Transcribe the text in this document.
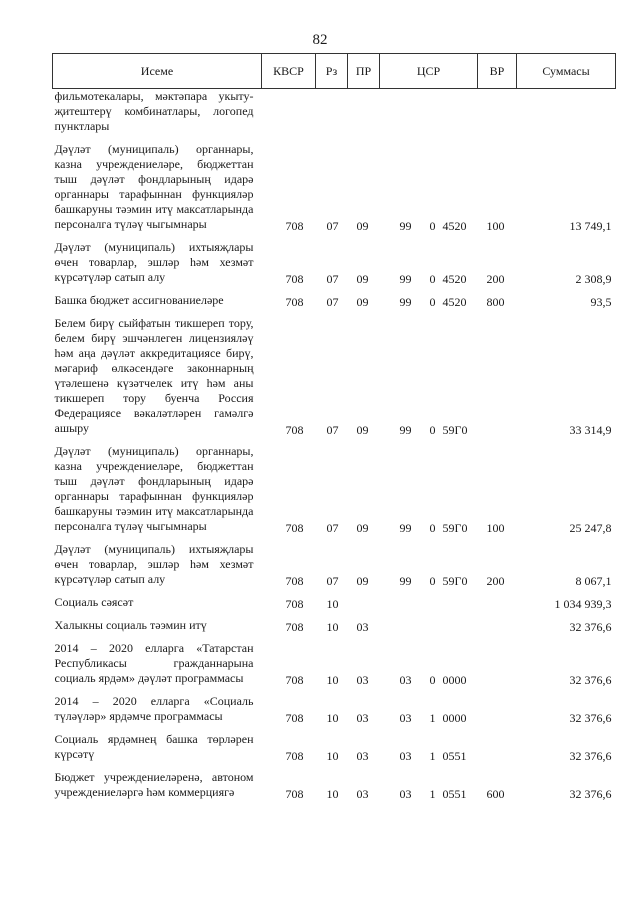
82
Исеме	КВСР	Рз	ПР	ЦСР			ВР	Суммасы
фильмотекалары, мәктәпара укыту-җитештерү комбинатлары, логопед пунктлары								
Дәүләт (муниципаль) органнары, казна учреждениеләре, бюджеттан тыш дәүләт фондларының идарә органнары тарафыннан функцияләр башкаруны тәэмин итү максатларында персоналга түләү чыгымнары	708	07	09	99	0	4520	100	13 749,1
Дәүләт (муниципаль) ихтыяҗлары өчен товарлар, эшләр һәм хезмәт күрсәтүләр сатып алу	708	07	09	99	0	4520	200	2 308,9
Башка бюджет ассигнованиеләре	708	07	09	99	0	4520	800	93,5
Белем бирү сыйфатын тикшереп тору, белем бирү эшчәнлеген лицензияләү һәм аңа дәүләт аккредитациясе бирү, мәгариф өлкәсендәге законнарның үтәлешенә күзәтчелек итү һәм аны тикшереп тору буенча Россия Федерациясе вәкаләтләрен гамәлгә ашыру	708	07	09	99	0	59Г0		33 314,9
Дәүләт (муниципаль) органнары, казна учреждениеләре, бюджеттан тыш дәүләт фондларының идарә органнары тарафыннан функцияләр башкаруны тәэмин итү максатларында персоналга түләү чыгымнары	708	07	09	99	0	59Г0	100	25 247,8
Дәүләт (муниципаль) ихтыяҗлары өчен товарлар, эшләр һәм хезмәт күрсәтүләр сатып алу	708	07	09	99	0	59Г0	200	8 067,1
Социаль сәясәт	708	10						1 034 939,3
Халыкны социаль тәэмин итү	708	10	03					32 376,6
2014 – 2020 елларга «Татарстан Республикасы гражданнарына социаль ярдәм» дәүләт программасы	708	10	03	03	0	0000		32 376,6
2014 – 2020 елларга «Социаль түләүләр» ярдәмче программасы	708	10	03	03	1	0000		32 376,6
Социаль ярдәмнең башка төрләрен күрсәтү	708	10	03	03	1	0551		32 376,6
Бюджет учреждениеләренә, автоном учреждениеләргә һәм коммерциягә	708	10	03	03	1	0551	600	32 376,6
